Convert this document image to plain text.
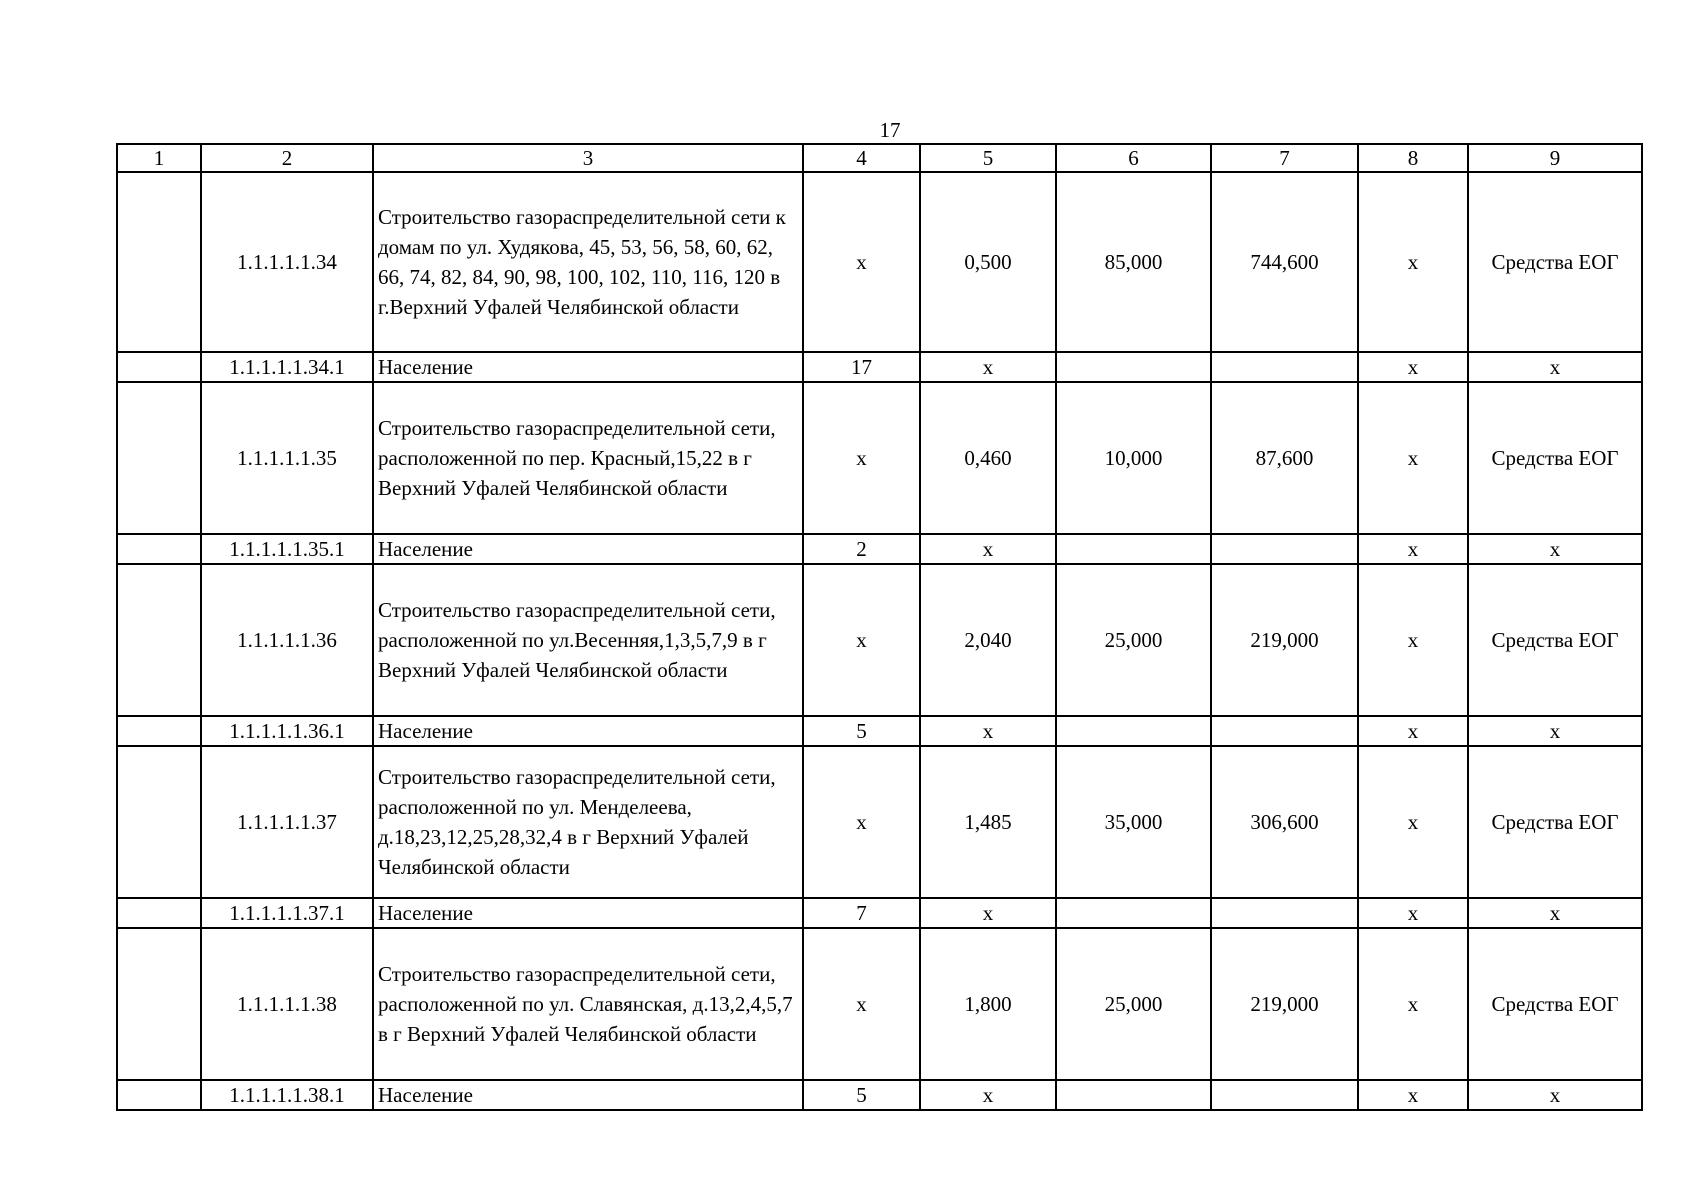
17
1	2	3	4	5	6	7	8	9
	1.1.1.1.1.34	Строительство газораспределительной сети к домам по ул. Худякова, 45, 53, 56, 58, 60, 62, 66, 74, 82, 84, 90, 98, 100, 102, 110, 116, 120 в г.Верхний Уфалей Челябинской области	х	0,500	85,000	744,600	х	Средства ЕОГ
	1.1.1.1.1.34.1	Население	17	х			х	х
	1.1.1.1.1.35	Строительство газораспределительной сети, расположенной по пер. Красный,15,22 в г Верхний Уфалей Челябинской области	х	0,460	10,000	87,600	х	Средства ЕОГ
	1.1.1.1.1.35.1	Население	2	х			х	х
	1.1.1.1.1.36	Строительство газораспределительной сети, расположенной по ул.Весенняя,1,3,5,7,9 в г Верхний Уфалей Челябинской области	х	2,040	25,000	219,000	х	Средства ЕОГ
	1.1.1.1.1.36.1	Население	5	х			х	х
	1.1.1.1.1.37	Строительство газораспределительной сети, расположенной по ул. Менделеева, д.18,23,12,25,28,32,4 в г Верхний Уфалей Челябинской области	х	1,485	35,000	306,600	х	Средства ЕОГ
	1.1.1.1.1.37.1	Население	7	х			х	х
	1.1.1.1.1.38	Строительство газораспределительной сети, расположенной по ул. Славянская, д.13,2,4,5,7 в г Верхний Уфалей Челябинской области	х	1,800	25,000	219,000	х	Средства ЕОГ
	1.1.1.1.1.38.1	Население	5	х			х	х
